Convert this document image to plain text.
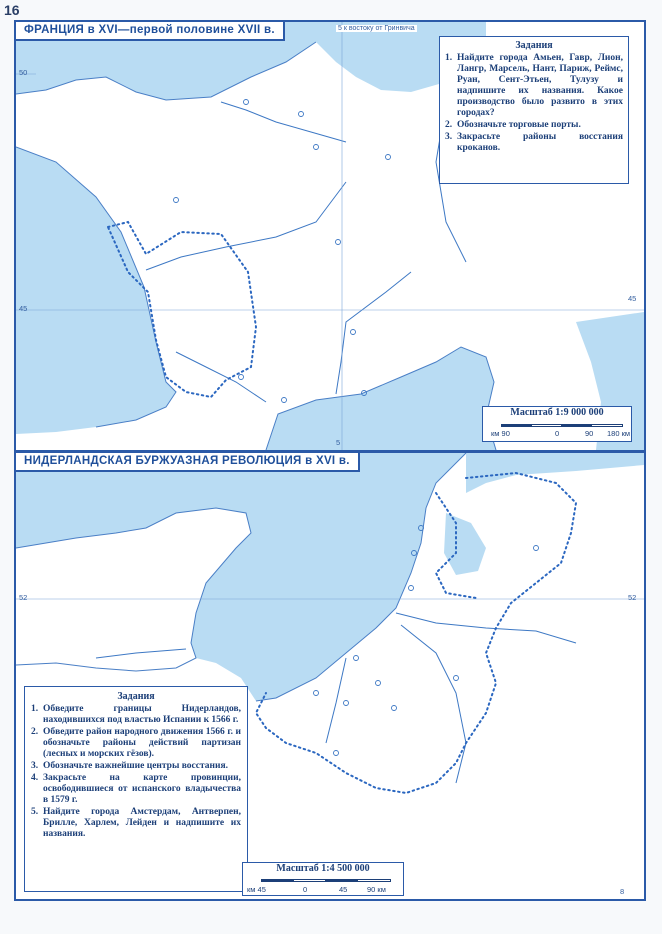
16
ФРАНЦИЯ в XVI—первой половине XVII в.	5 к востоку от Гринвича
50
45
45
5
Задания
1. Найдите города Амьен, Гавр, Лион, Лангр, Марсель, Нант, Париж, Реймс, Руан, Сент-Этьен, Тулузу и надпишите их названия. Какое производство было развито в этих городах?
2. Обозначьте торговые порты.
3. Закрасьте районы восстания кроканов.
Масштаб 1:9 000 000
км 90	0	90 180 км
НИДЕРЛАНДСКАЯ БУРЖУАЗНАЯ РЕВОЛЮЦИЯ в XVI в.
52	52
8
Задания
1. Обведите границы Нидерландов, находившихся под властью Испании к 1566 г.
2. Обведите район народного движения 1566 г. и обозначьте районы действий партизан (лесных и морских гёзов).
3. Обозначьте важнейшие центры восстания.
4. Закрасьте на карте провинции, освободившиеся от испанского владычества в 1579 г.
5. Найдите города Амстердам, Антверпен, Брилле, Харлем, Лейден и надпишите их названия.
Масштаб 1:4 500 000
км 45	0	45	90 км
